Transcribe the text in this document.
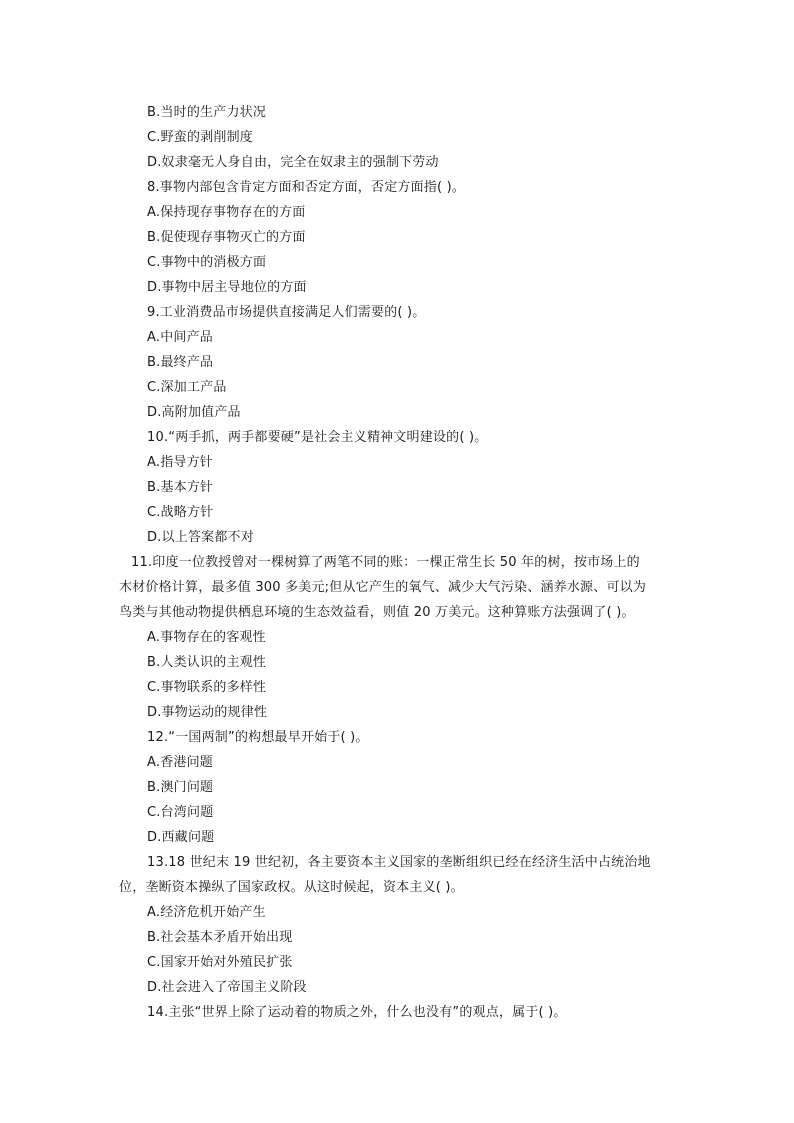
B.当时的生产力状况
C.野蛮的剥削制度
D.奴隶毫无人身自由，完全在奴隶主的强制下劳动
8.事物内部包含肯定方面和否定方面，否定方面指( )。
A.保持现存事物存在的方面
B.促使现存事物灭亡的方面
C.事物中的消极方面
D.事物中居主导地位的方面
9.工业消费品市场提供直接满足人们需要的( )。
A.中间产品
B.最终产品
C.深加工产品
D.高附加值产品
10.“两手抓，两手都要硬”是社会主义精神文明建设的( )。
A.指导方针
B.基本方针
C.战略方针
D.以上答案都不对
11.印度一位教授曾对一棵树算了两笔不同的账：一棵正常生长 50 年的树，按市场上的
木材价格计算，最多值 300 多美元;但从它产生的氧气、减少大气污染、涵养水源、可以为
鸟类与其他动物提供栖息环境的生态效益看，则值 20 万美元。这种算账方法强调了( )。
A.事物存在的客观性
B.人类认识的主观性
C.事物联系的多样性
D.事物运动的规律性
12.“一国两制”的构想最早开始于( )。
A.香港问题
B.澳门问题
C.台湾问题
D.西藏问题
13.18 世纪末 19 世纪初，各主要资本主义国家的垄断组织已经在经济生活中占统治地
位，垄断资本操纵了国家政权。从这时候起，资本主义( )。
A.经济危机开始产生
B.社会基本矛盾开始出现
C.国家开始对外殖民扩张
D.社会进入了帝国主义阶段
14.主张“世界上除了运动着的物质之外，什么也没有”的观点，属于( )。
